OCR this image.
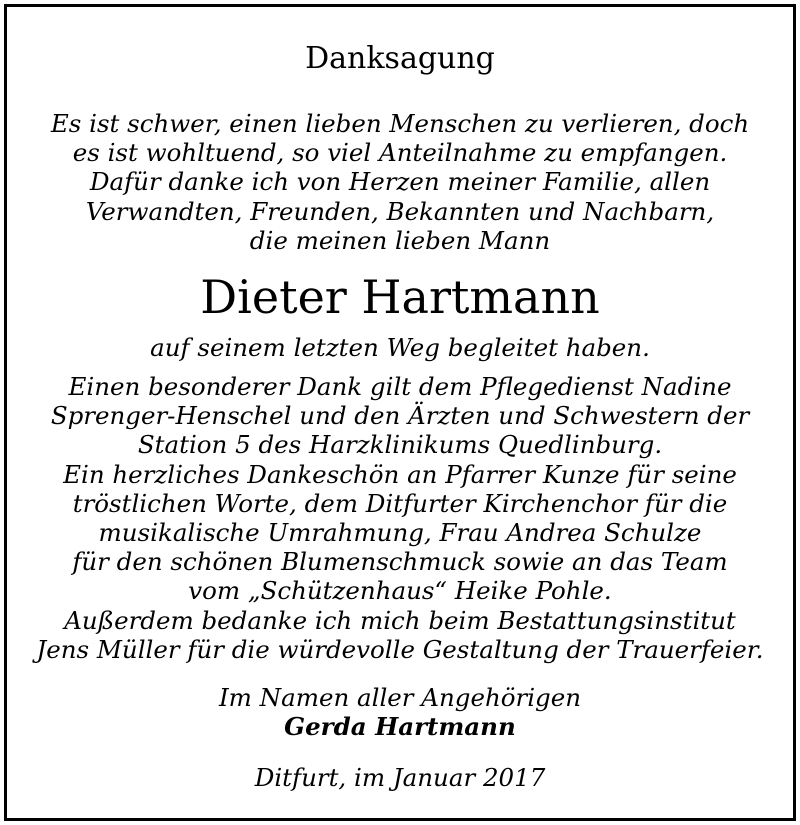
Danksagung
Es ist schwer, einen lieben Menschen zu verlieren, doch
es ist wohltuend, so viel Anteilnahme zu empfangen.
Dafür danke ich von Herzen meiner Familie, allen
Verwandten, Freunden, Bekannten und Nachbarn,
die meinen lieben Mann
Dieter Hartmann
auf seinem letzten Weg begleitet haben.
Einen besonderer Dank gilt dem Pflegedienst Nadine
Sprenger-Henschel und den Ärzten und Schwestern der
Station 5 des Harzklinikums Quedlinburg.
Ein herzliches Dankeschön an Pfarrer Kunze für seine
tröstlichen Worte, dem Ditfurter Kirchenchor für die
musikalische Umrahmung, Frau Andrea Schulze
für den schönen Blumenschmuck sowie an das Team
vom „Schützenhaus“ Heike Pohle.
Außerdem bedanke ich mich beim Bestattungsinstitut
Jens Müller für die würdevolle Gestaltung der Trauerfeier.
Im Namen aller Angehörigen
Gerda Hartmann
Ditfurt, im Januar 2017
